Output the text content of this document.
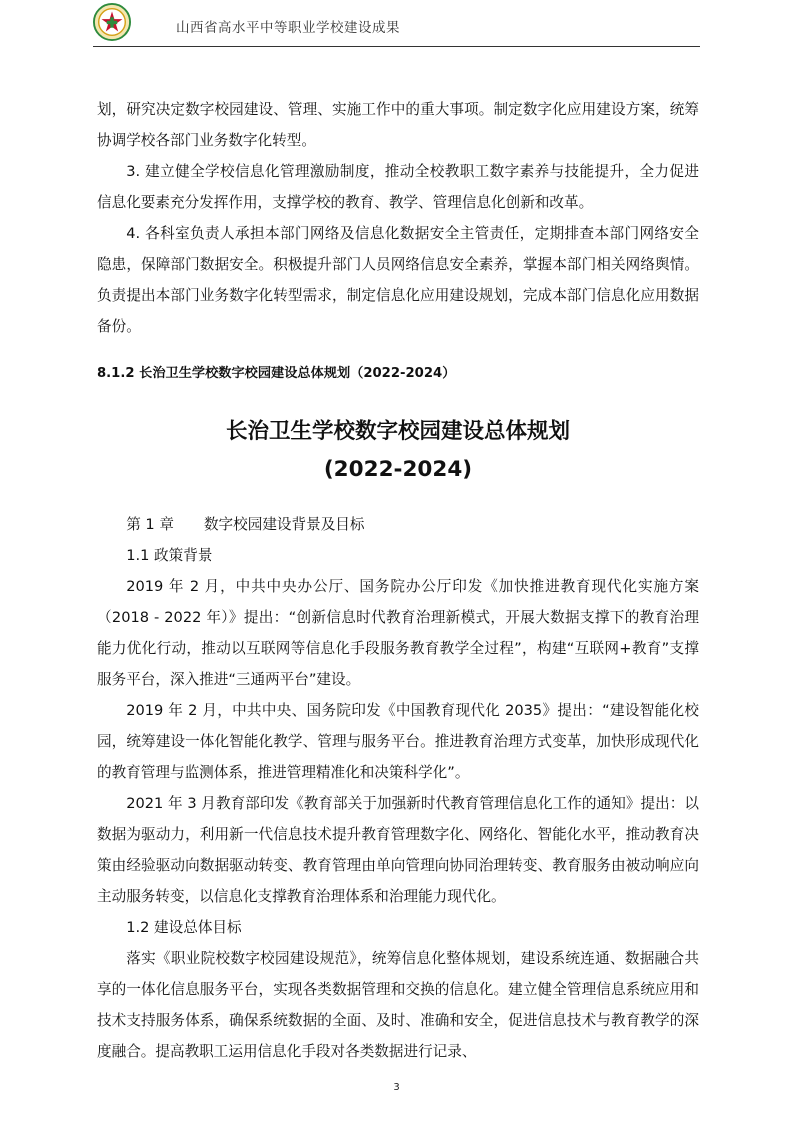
山西省高水平中等职业学校建设成果

划，研究决定数字校园建设、管理、实施工作中的重大事项。制定数字化应用建设方案，统筹协调学校各部门业务数字化转型。

3. 建立健全学校信息化管理激励制度，推动全校教职工数字素养与技能提升，全力促进信息化要素充分发挥作用，支撑学校的教育、教学、管理信息化创新和改革。

4. 各科室负责人承担本部门网络及信息化数据安全主管责任，定期排查本部门网络安全隐患，保障部门数据安全。积极提升部门人员网络信息安全素养，掌握本部门相关网络舆情。负责提出本部门业务数字化转型需求，制定信息化应用建设规划，完成本部门信息化应用数据备份。

8.1.2 长治卫生学校数字校园建设总体规划（2022-2024）

长治卫生学校数字校园建设总体规划
(2022-2024)

第 1 章 数字校园建设背景及目标

1.1 政策背景

2019 年 2 月，中共中央办公厅、国务院办公厅印发《加快推进教育现代化实施方案（2018 - 2022 年）》提出：“创新信息时代教育治理新模式，开展大数据支撑下的教育治理能力优化行动，推动以互联网等信息化手段服务教育教学全过程”，构建“互联网+教育”支撑服务平台，深入推进“三通两平台”建设。

2019 年 2 月，中共中央、国务院印发《中国教育现代化 2035》提出：“建设智能化校园，统筹建设一体化智能化教学、管理与服务平台。推进教育治理方式变革，加快形成现代化的教育管理与监测体系，推进管理精准化和决策科学化”。

2021 年 3 月教育部印发《教育部关于加强新时代教育管理信息化工作的通知》提出：以数据为驱动力，利用新一代信息技术提升教育管理数字化、网络化、智能化水平，推动教育决策由经验驱动向数据驱动转变、教育管理由单向管理向协同治理转变、教育服务由被动响应向主动服务转变，以信息化支撑教育治理体系和治理能力现代化。

1.2 建设总体目标

落实《职业院校数字校园建设规范》，统筹信息化整体规划，建设系统连通、数据融合共享的一体化信息服务平台，实现各类数据管理和交换的信息化。建立健全管理信息系统应用和技术支持服务体系，确保系统数据的全面、及时、准确和安全，促进信息技术与教育教学的深度融合。提高教职工运用信息化手段对各类数据进行记录、

3
